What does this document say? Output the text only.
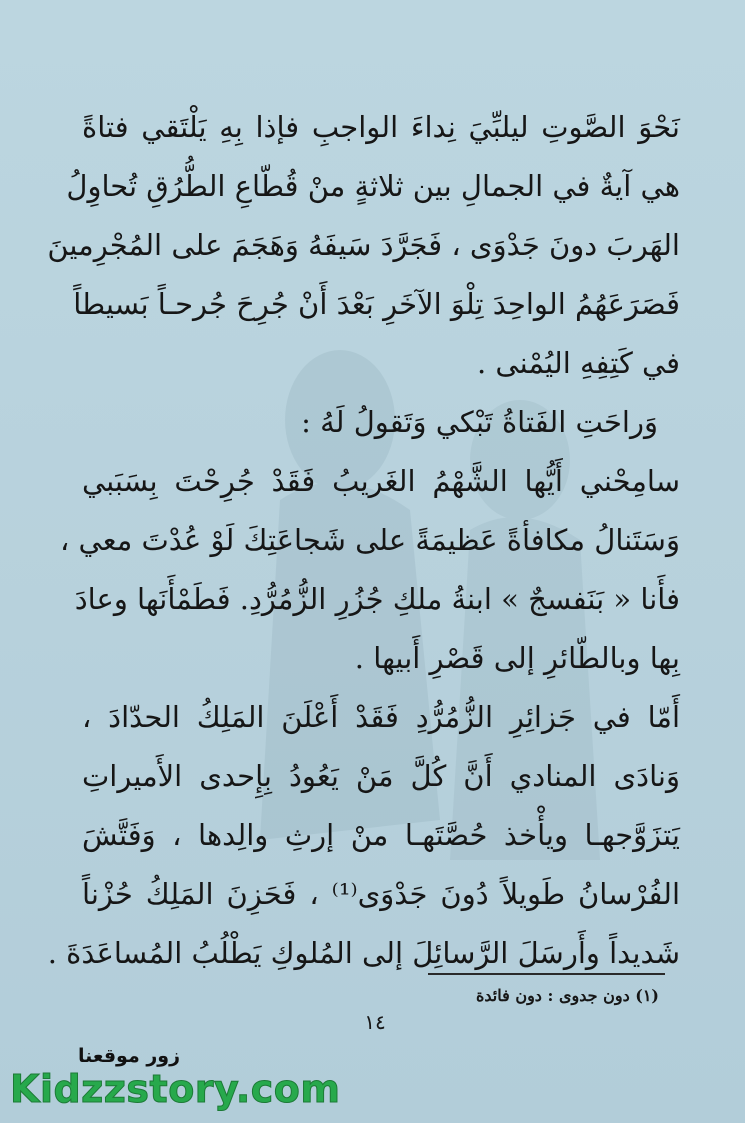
نَحْوَ الصَّوتِ ليلبِّيَ نِداءَ الواجبِ فإذا بِهِ يَلْتَقي فتاةً
هي آيةٌ في الجمالِ بين ثلاثةٍ منْ قُطّاعِ الطُّرُقِ تُحاوِلُ
الهَربَ دونَ جَدْوَى ، فَجَرَّدَ سَيفَهُ وَهَجَمَ على المُجْرِمينَ
فَصَرَعَهُمُ الواحِدَ تِلْوَ الآخَرِ بَعْدَ أَنْ جُرِحَ جُرحـاً بَسيطاً
في كَتِفِهِ اليُمْنى .
وَراحَتِ الفَتاةُ تَبْكي وَتَقولُ لَهُ :
سامِحْني أَيُّها الشَّهْمُ الغَريبُ فَقَدْ جُرِحْتَ بِسَبَبي
وَسَتَنالُ مكافأةً عَظيمَةً على شَجاعَتِكَ لَوْ عُدْتَ معي ،
فأَنا « بَنَفسجٌ » ابنةُ ملكِ جُزُرِ الزُّمُرُّدِ. فَطَمْأَنَها وعادَ
بِها وبالطّائرِ إلى قَصْرِ أَبيها .
أَمّا في جَزائِرِ الزُّمُرُّدِ فَقَدْ أَعْلَنَ المَلِكُ الحدّادَ ،
وَنادَى المنادي أَنَّ كُلَّ مَنْ يَعُودُ بِإِحدى الأَميراتِ
يَتزَوَّجهـا ويأْخذ حُصَّتَهـا منْ إرثِ والِدها ، وَفَتَّشَ
الفُرْسانُ طَويلاً دُونَ جَدْوَى⁽¹⁾ ، فَحَزِنَ المَلِكُ حُزْناً
شَديداً وأَرسَلَ الرَّسائِلَ إلى المُلوكِ يَطْلُبُ المُساعَدَةَ .
(١) دون جدوى : دون فائدة
١٤
زور موقعنا
Kidzzstory.com
